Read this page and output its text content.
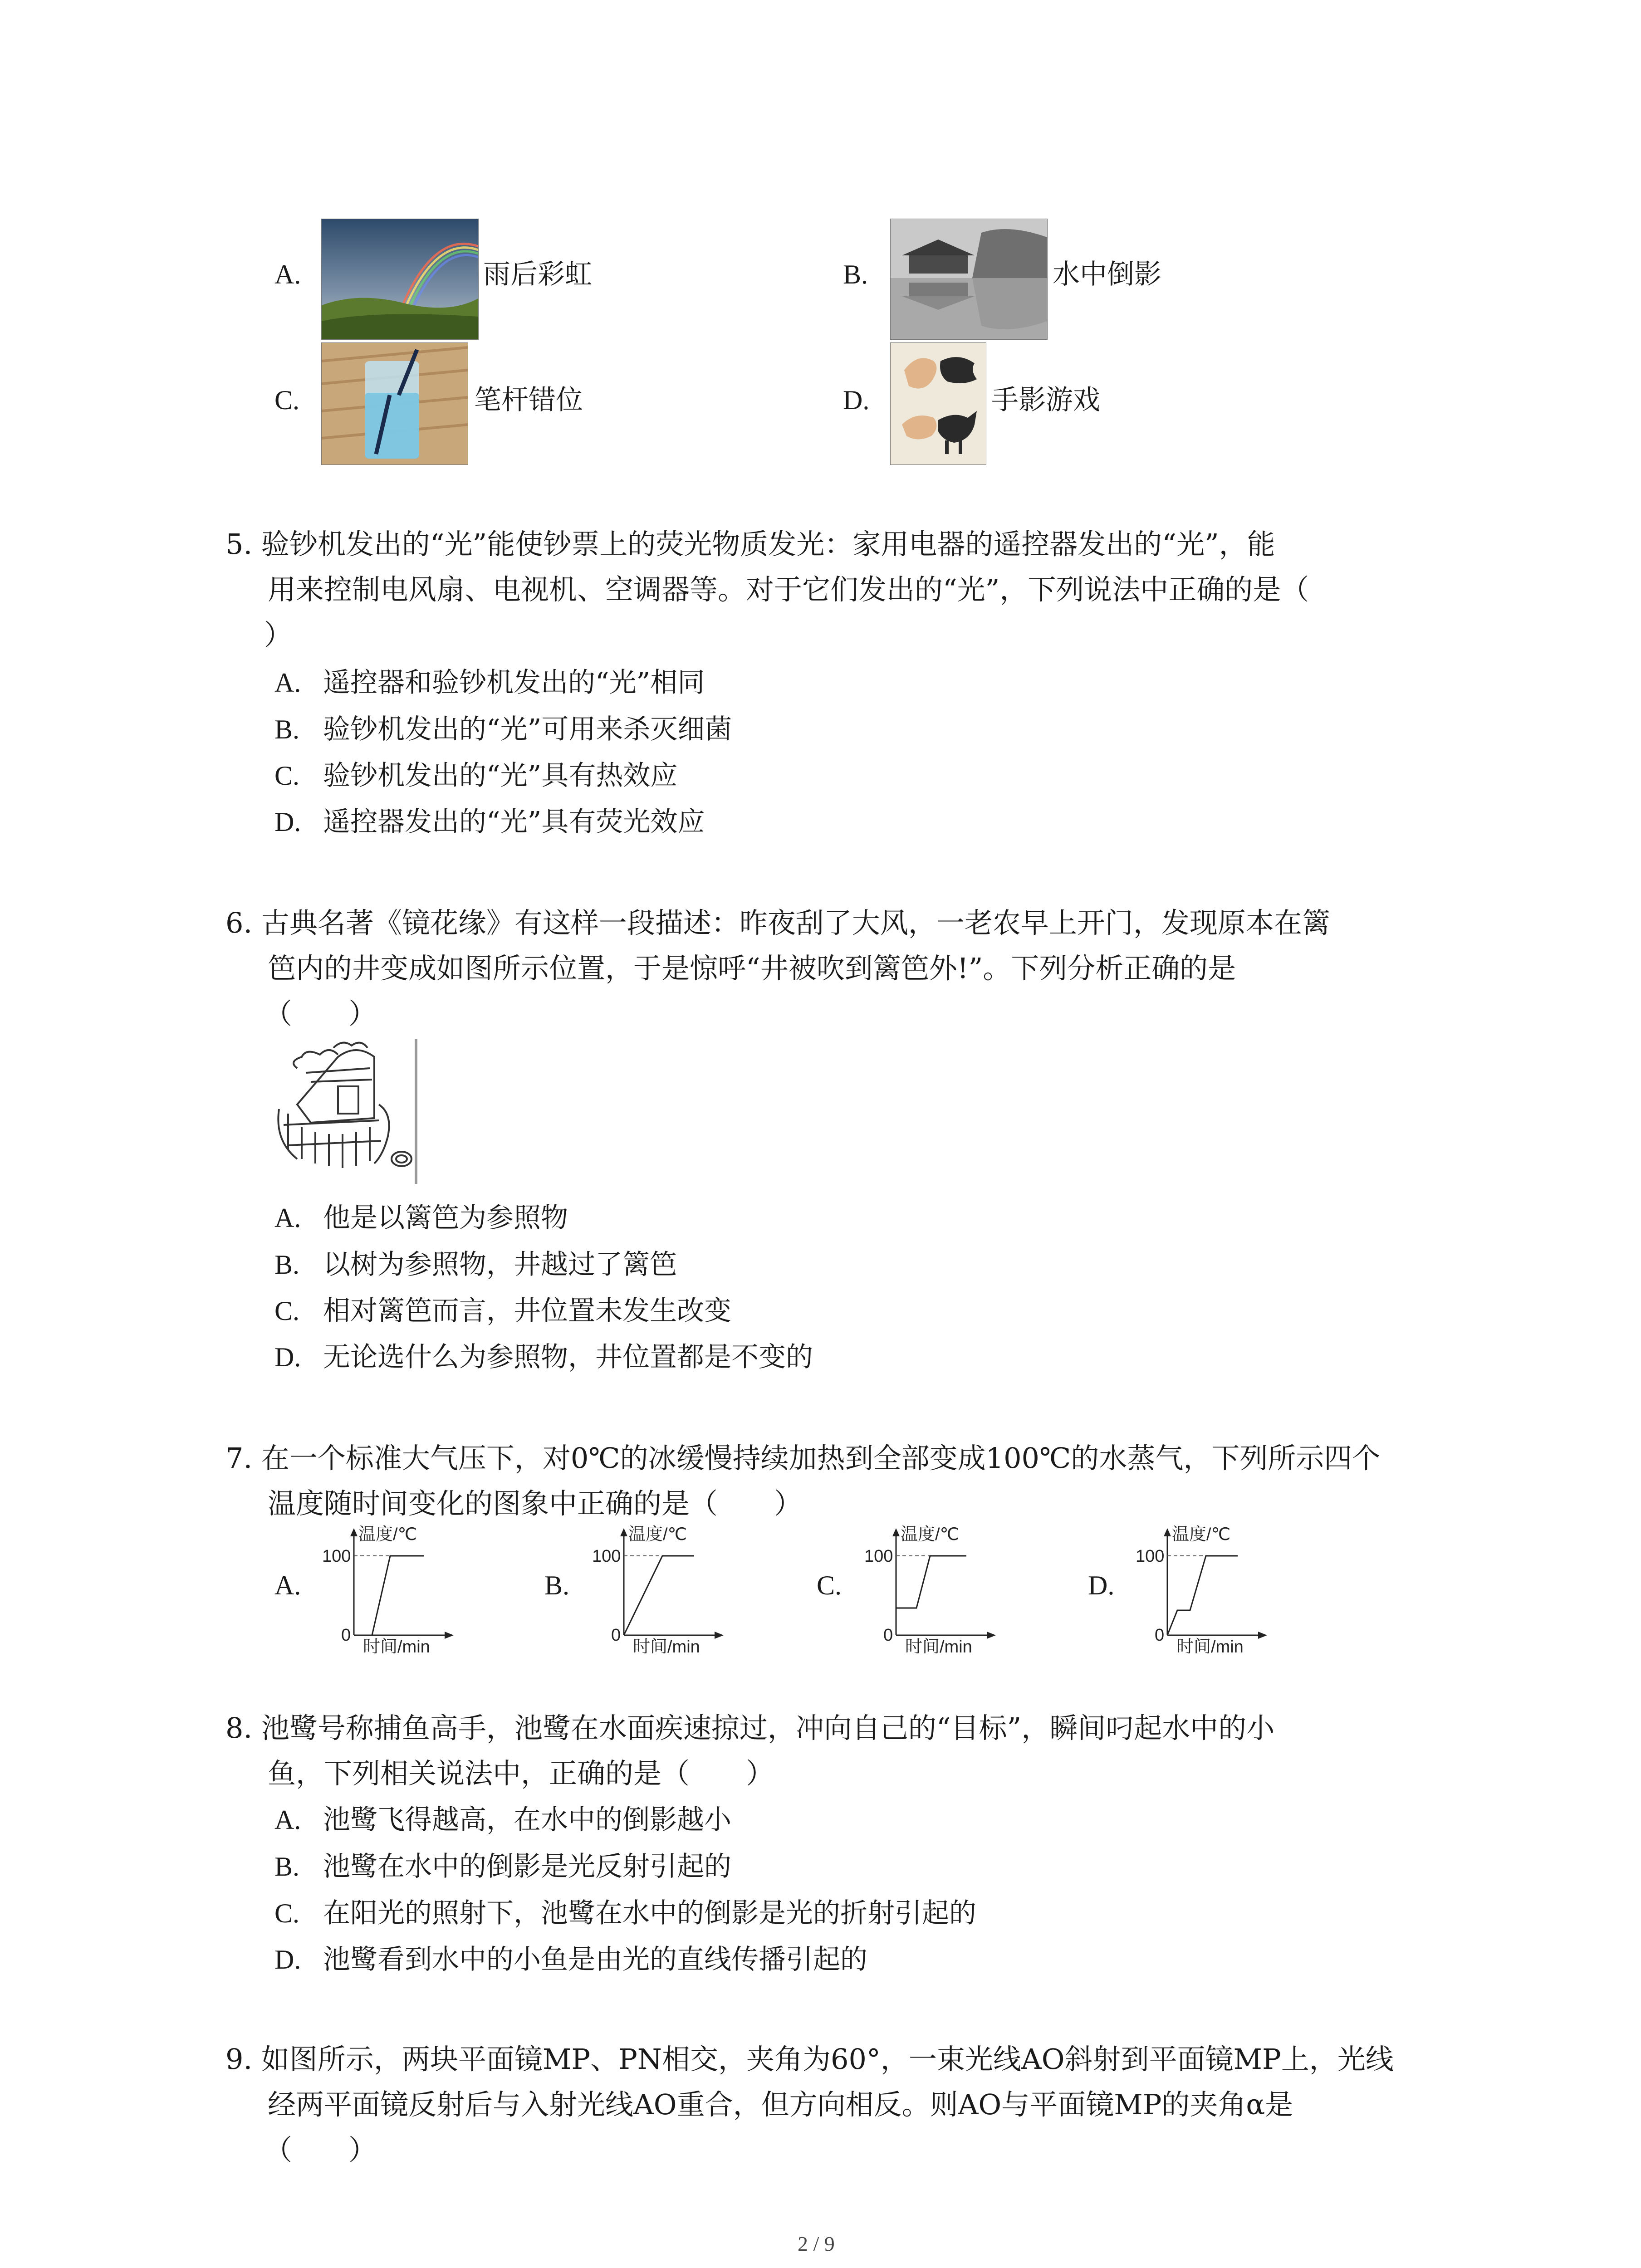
A.	雨后彩虹	B.	水中倒影
C.	笔杆错位	D.	手影游戏
5. 验钞机发出的“光”能使钞票上的荧光物质发光：家用电器的遥控器发出的“光”，能
用来控制电风扇、电视机、空调器等。对于它们发出的“光”，下列说法中正确的是（
）
A. 遥控器和验钞机发出的“光”相同
B. 验钞机发出的“光”可用来杀灭细菌
C. 验钞机发出的“光”具有热效应
D. 遥控器发出的“光”具有荧光效应
6. 古典名著《镜花缘》有这样一段描述：昨夜刮了大风，一老农早上开门，发现原本在篱
笆内的井变成如图所示位置，于是惊呼“井被吹到篱笆外!”。下列分析正确的是
（　　）
A. 他是以篱笆为参照物
B. 以树为参照物，井越过了篱笆
C. 相对篱笆而言，井位置未发生改变
D. 无论选什么为参照物，井位置都是不变的
7. 在一个标准大气压下，对0℃的冰缓慢持续加热到全部变成100℃的水蒸气，下列所示四个
温度随时间变化的图象中正确的是（　　）
A.
温度/℃
100
0
时间/min
B.
温度/℃
100
0
时间/min
C.
温度/℃
100
0
时间/min
D.
温度/℃
100
0
时间/min
8. 池鹭号称捕鱼高手，池鹭在水面疾速掠过，冲向自己的“目标”，瞬间叼起水中的小
鱼，下列相关说法中，正确的是（　　）
A. 池鹭飞得越高，在水中的倒影越小
B. 池鹭在水中的倒影是光反射引起的
C. 在阳光的照射下，池鹭在水中的倒影是光的折射引起的
D. 池鹭看到水中的小鱼是由光的直线传播引起的
9. 如图所示，两块平面镜MP、PN相交，夹角为60°，一束光线AO斜射到平面镜MP上，光线
经两平面镜反射后与入射光线AO重合，但方向相反。则AO与平面镜MP的夹角α是
（　　）
2 / 9
